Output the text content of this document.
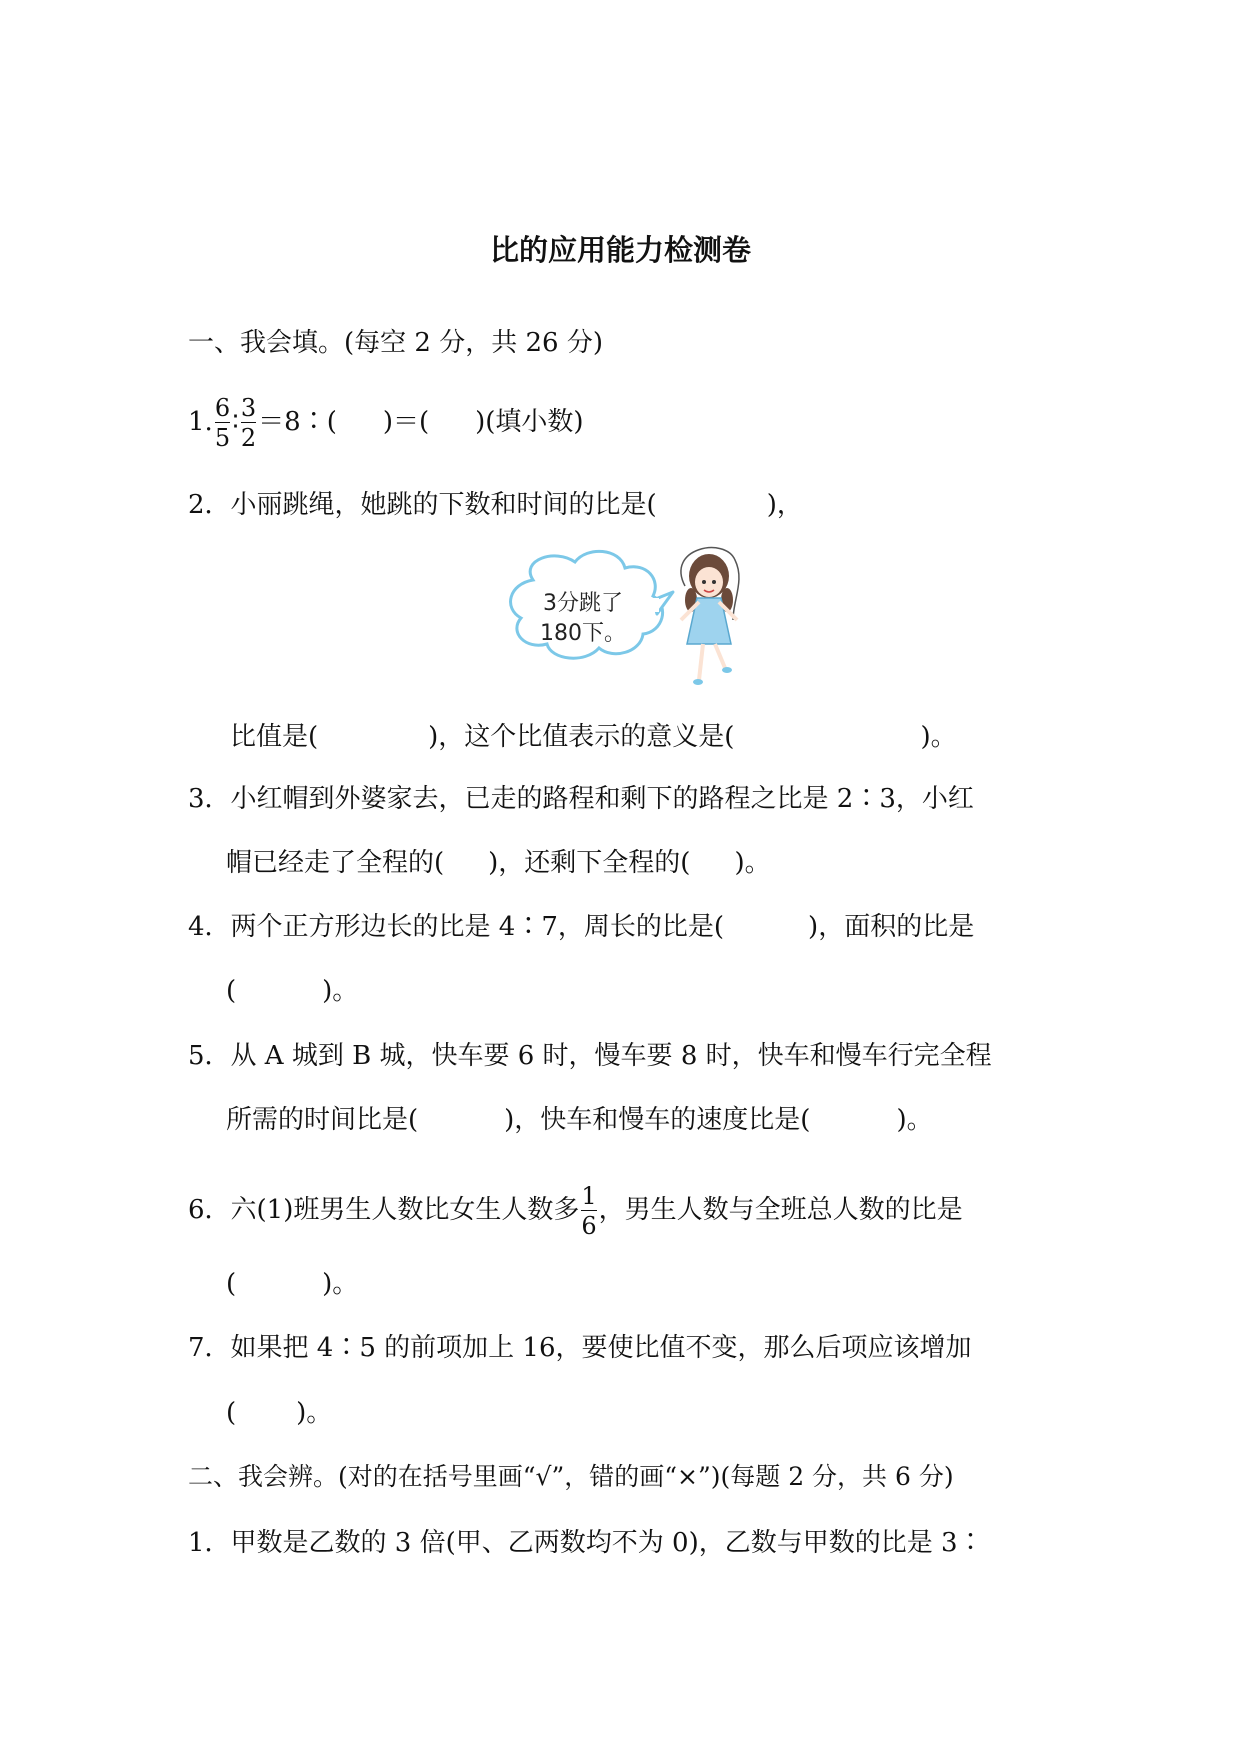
比的应用能力检测卷
一、我会填。(每空 2 分，共 26 分)
1. $\frac{6}{5}$ ∶ $\frac{3}{2}$ ＝8∶( )＝( )(填小数)
2．小丽跳绳，她跳的下数和时间的比是(	)，
3分跳了
180下。
比值是(	)，这个比值表示的意义是(	)。
3．小红帽到外婆家去，已走的路程和剩下的路程之比是 2∶3，小红
帽已经走了全程的( )，还剩下全程的( )。
4．两个正方形边长的比是 4∶7，周长的比是(	)，面积的比是
(	)。
5．从 A 城到 B 城，快车要 6 时，慢车要 8 时，快车和慢车行完全程
所需的时间比是(	)，快车和慢车的速度比是(	)。
6．六(1)班男生人数比女生人数多 $\frac{1}{6}$ ，男生人数与全班总人数的比是
(	)。
7．如果把 4∶5 的前项加上 16，要使比值不变，那么后项应该增加
( )。
二、我会辨。(对的在括号里画“√”，错的画“×”)(每题 2 分，共 6 分)
1．甲数是乙数的 3 倍(甲、乙两数均不为 0)，乙数与甲数的比是 3∶
